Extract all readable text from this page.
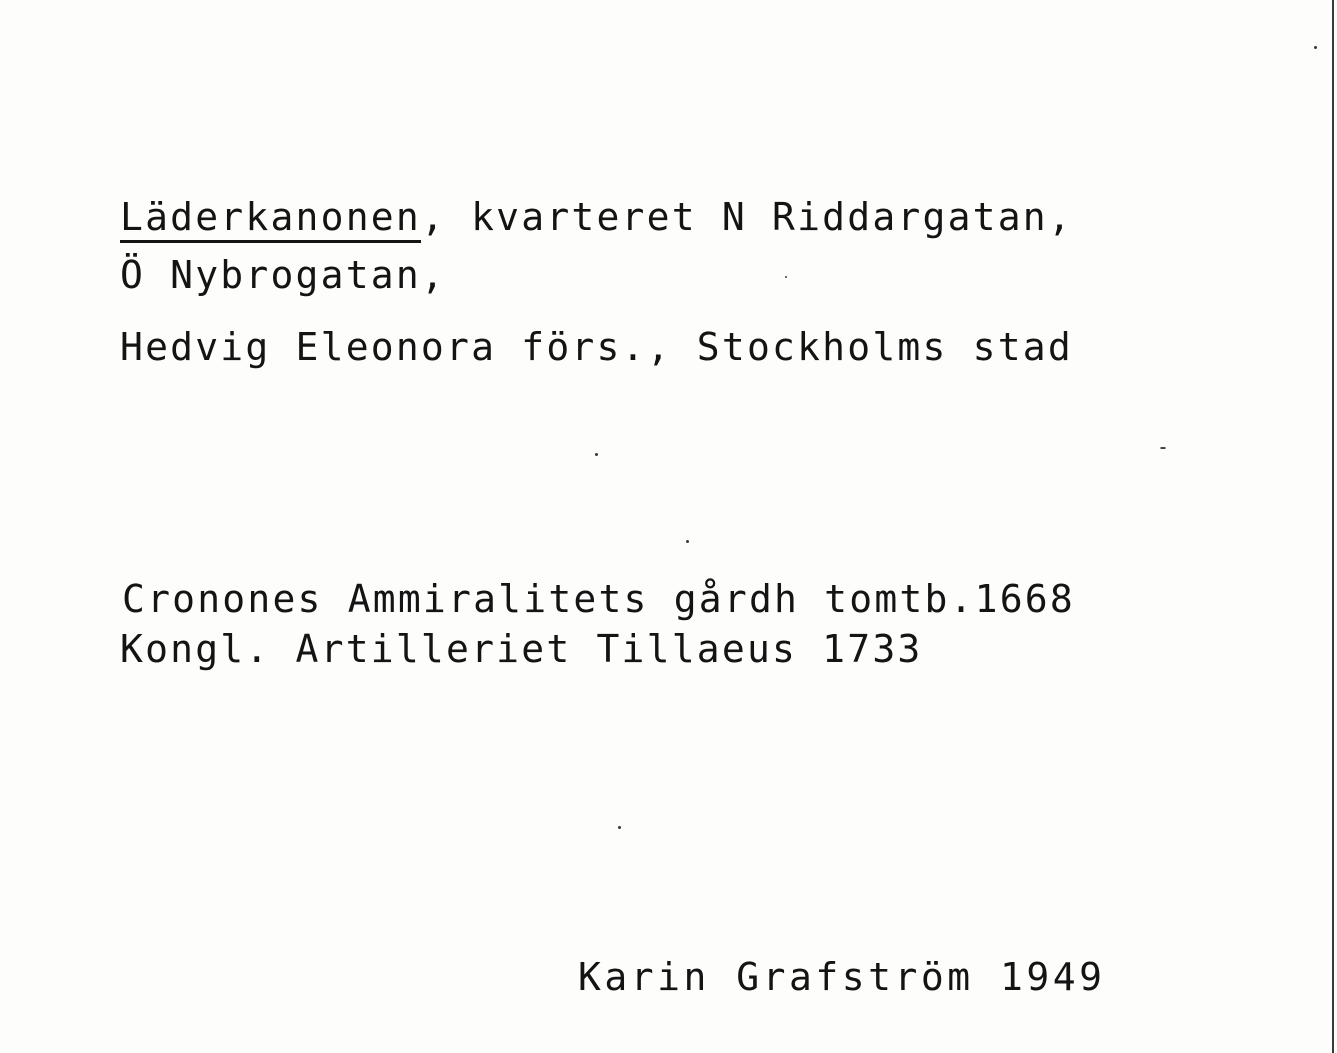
Läderkanonen, kvarteret N Riddargatan,
Ö Nybrogatan,
Hedvig Eleonora förs., Stockholms stad
Cronones Ammiralitets gårdh tomtb.1668
Kongl. Artilleriet Tillaeus 1733
Karin Grafström 1949
